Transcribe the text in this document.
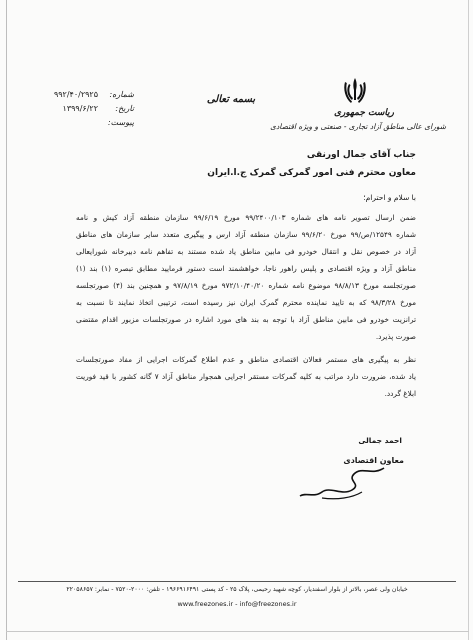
ریاست جمهوری
شورای عالی مناطق آزاد تجاری - صنعتی و ویژه اقتصادی
بسمه تعالی
شماره:
۹۹۲/۴۰/۲۹۲۵
تاریخ:
۱۳۹۹/۶/۲۲
پیوست:
جناب آقای جمال اورنقی
معاون محترم فنی امور گمرکی گمرک ج.ا.ایران
با سلام و احترام؛
ضمن ارسال تصویر نامه های شماره ۹۹/۲۴۰۰/۱۰۳ مورخ ۹۹/۶/۱۹ سازمان منطقه آزاد کیش و نامه
شماره ۱۲۵۴۹/ص/۹۹ مورخ ۹۹/۶/۲۰ سازمان منطقه آزاد ارس و پیگیری متعدد سایر سازمان های مناطق
آزاد در خصوص نقل و انتقال خودرو فی مابین مناطق یاد شده مستند به تفاهم نامه دبیرخانه شورایعالی
مناطق آزاد و ویژه اقتصادی و پلیس راهور ناجا، خواهشمند است دستور فرمایید مطابق تبصره (۱) بند (۱)
صورتجلسه مورخ ۹۸/۸/۱۳ موضوع نامه شماره ۹۷۲/۱۰/۴۰/۲۰ مورخ ۹۷/۸/۱۹ و همچنین بند (۴) صورتجلسه
مورخ ۹۸/۳/۲۸ که به تایید نماینده محترم گمرک ایران نیز رسیده است، ترتیبی اتخاذ نمایند تا نسبت به
ترانزیت خودرو فی مابین مناطق آزاد با توجه به بند های مورد اشاره در صورتجلسات مزبور اقدام مقتضی
صورت پذیرد.
نظر به پیگیری های مستمر فعالان اقتصادی مناطق و عدم اطلاع گمرکات اجرایی از مفاد صورتجلسات
یاد شده، ضرورت دارد مراتب به کلیه گمرکات مستقر اجرایی همجوار مناطق آزاد ۷ گانه کشور با قید فوریت
ابلاغ گردد.
احمد جمالی
معاون اقتصادی
خیابان ولی عصر، بالاتر از بلوار اسفندیار، کوچه شهید رحیمی، پلاک ۲۵ - کد پستی ۱۹۶۶۹۱۶۴۹۱ - تلفن: ۲۰۰۰-۷۵۲۰ - نمابر: ۲۲۰۵۸۶۵۷
www.freezones.ir - info@freezones.ir
